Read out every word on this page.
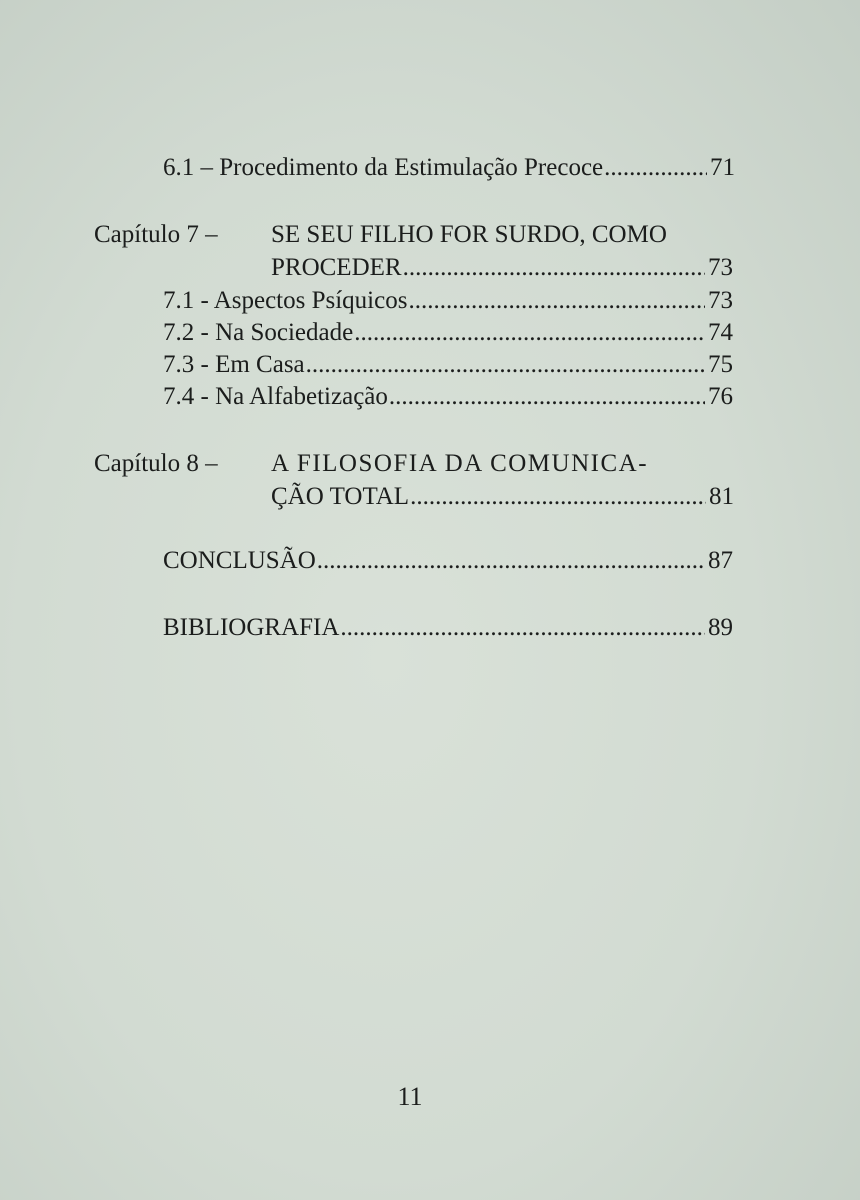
6.1 – Procedimento da Estimulação Precoce .....	71
Capítulo 7 – SE SEU FILHO FOR SURDO, COMO
PROCEDER .....	73
7.1 - Aspectos Psíquicos .....	73
7.2 - Na Sociedade .....	74
7.3 - Em Casa .....	75
7.4 - Na Alfabetização .....	76
Capítulo 8 – A FILOSOFIA DA COMUNICA-
ÇÃO TOTAL .....	81
CONCLUSÃO .....	87
BIBLIOGRAFIA .....	89
11
